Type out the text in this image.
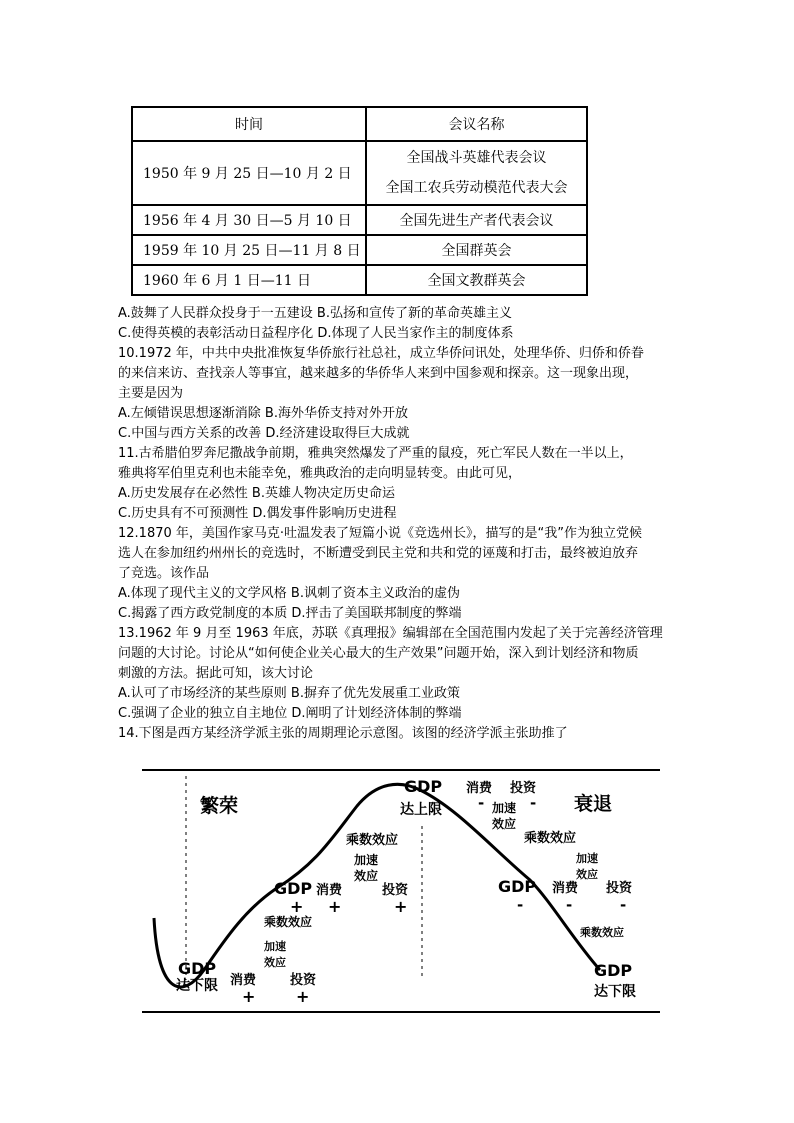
时间	会议名称
1950 年 9 月 25 日—10 月 2 日	全国战斗英雄代表会议
全国工农兵劳动模范代表大会

1956 年 4 月 30 日—5 月 10 日	全国先进生产者代表会议
1959 年 10 月 25 日—11 月 8 日	全国群英会
1960 年 6 月 1 日—11 日	全国文教群英会
A.鼓舞了人民群众投身于一五建设 B.弘扬和宣传了新的革命英雄主义
C.使得英模的表彰活动日益程序化 D.体现了人民当家作主的制度体系
10.1972 年，中共中央批准恢复华侨旅行社总社，成立华侨问讯处，处理华侨、归侨和侨眷
的来信来访、查找亲人等事宜，越来越多的华侨华人来到中国参观和探亲。这一现象出现，
主要是因为
A.左倾错误思想逐渐消除 B.海外华侨支持对外开放
C.中国与西方关系的改善 D.经济建设取得巨大成就
11.古希腊伯罗奔尼撒战争前期，雅典突然爆发了严重的鼠疫，死亡军民人数在一半以上，
雅典将军伯里克利也未能幸免，雅典政治的走向明显转变。由此可见，
A.历史发展存在必然性 B.英雄人物决定历史命运
C.历史具有不可预测性 D.偶发事件影响历史进程
12.1870 年，美国作家马克·吐温发表了短篇小说《竞选州长》，描写的是“我”作为独立党候
选人在参加纽约州州长的竞选时，不断遭受到民主党和共和党的诬蔑和打击，最终被迫放弃
了竞选。该作品
A.体现了现代主义的文学风格 B.讽刺了资本主义政治的虚伪
C.揭露了西方政党制度的本质 D.抨击了美国联邦制度的弊端
13.1962 年 9 月至 1963 年底，苏联《真理报》编辑部在全国范围内发起了关于完善经济管理
问题的大讨论。讨论从“如何使企业关心最大的生产效果”问题开始，深入到计划经济和物质
刺激的方法。据此可知，该大讨论
A.认可了市场经济的某些原则 B.摒弃了优先发展重工业政策
C.强调了企业的独立自主地位 D.阐明了计划经济体制的弊端
14.下图是西方某经济学派主张的周期理论示意图。该图的经济学派主张助推了
繁荣	衰退
GDP
达上限
消费 投资
-	-
加速
效应
乘数效应
加速
效应
GDP 消费 投资
-	-	-
乘数效应
GDP
达下限
乘数效应
加速
效应
GDP 消费	投资
+ +	+
乘数效应
加速
效应
GDP
达下限 消费	投资
+	+
